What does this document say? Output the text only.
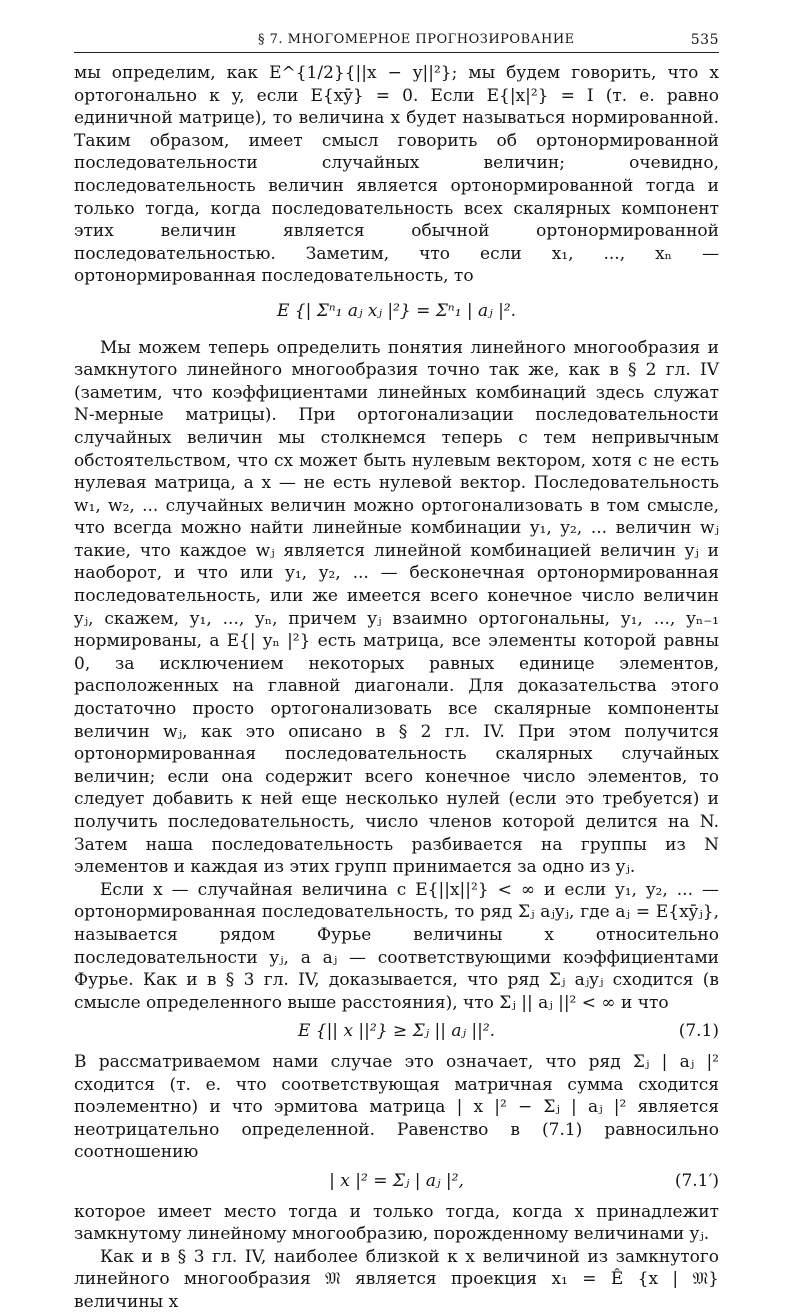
§ 7. МНОГОМЕРНОЕ ПРОГНОЗИРОВАНИЕ	535

мы определим, как E^{1/2}{||x − y||²}; мы будем говорить, что x ортогонально к y, если E{xȳ} = 0. Если E{|x|²} = I (т. е. равно единичной матрице), то величина x будет называться нормированной. Таким образом, имеет смысл говорить об ортонормированной последовательности случайных величин; очевидно, последовательность величин является ортонормированной тогда и только тогда, когда последовательность всех скалярных компонент этих величин является обычной ортонормированной последовательностью. Заметим, что если x₁, ..., xₙ — ортонормированная последовательность, то

E {| Σⁿ₁ aⱼ xⱼ |²} = Σⁿ₁ | aⱼ |².

Мы можем теперь определить понятия линейного многообразия и замкнутого линейного многообразия точно так же, как в § 2 гл. IV (заметим, что коэффициентами линейных комбинаций здесь служат N-мерные матрицы). При ортогонализации последовательности случайных величин мы столкнемся теперь с тем непривычным обстоятельством, что cx может быть нулевым вектором, хотя c не есть нулевая матрица, а x — не есть нулевой вектор. Последовательность w₁, w₂, ... случайных величин можно ортогонализовать в том смысле, что всегда можно найти линейные комбинации y₁, y₂, ... величин wⱼ такие, что каждое wⱼ является линейной комбинацией величин yⱼ и наоборот, и что или y₁, y₂, ... — бесконечная ортонормированная последовательность, или же имеется всего конечное число величин yⱼ, скажем, y₁, ..., yₙ, причем yⱼ взаимно ортогональны, y₁, ..., yₙ₋₁ нормированы, а E{| yₙ |²} есть матрица, все элементы которой равны 0, за исключением некоторых равных единице элементов, расположенных на главной диагонали. Для доказательства этого достаточно просто ортогонализовать все скалярные компоненты величин wⱼ, как это описано в § 2 гл. IV. При этом получится ортонормированная последовательность скалярных случайных величин; если она содержит всего конечное число элементов, то следует добавить к ней еще несколько нулей (если это требуется) и получить последовательность, число членов которой делится на N. Затем наша последовательность разбивается на группы из N элементов и каждая из этих групп принимается за одно из yⱼ.

Если x — случайная величина с E{||x||²} < ∞ и если y₁, y₂, ... — ортонормированная последовательность, то ряд Σⱼ aⱼyⱼ, где aⱼ = E{xȳⱼ}, называется рядом Фурье величины x относительно последовательности yⱼ, а aⱼ — соответствующими коэффициентами Фурье. Как и в § 3 гл. IV, доказывается, что ряд Σⱼ aⱼyⱼ сходится (в смысле определенного выше расстояния), что Σⱼ || aⱼ ||² < ∞ и что

E {|| x ||²} ≥ Σⱼ || aⱼ ||².	(7.1)

В рассматриваемом нами случае это означает, что ряд Σⱼ | aⱼ |² сходится (т. е. что соответствующая матричная сумма сходится поэлементно) и что эрмитова матрица | x |² − Σⱼ | aⱼ |² является неотрицательно определенной. Равенство в (7.1) равносильно соотношению

| x |² = Σⱼ | aⱼ |²,	(7.1′)

которое имеет место тогда и только тогда, когда x принадлежит замкнутому линейному многообразию, порожденному величинами yⱼ.

Как и в § 3 гл. IV, наиболее близкой к x величиной из замкнутого линейного многообразия 𝔐 является проекция x₁ = Ê {x | 𝔐} величины x
